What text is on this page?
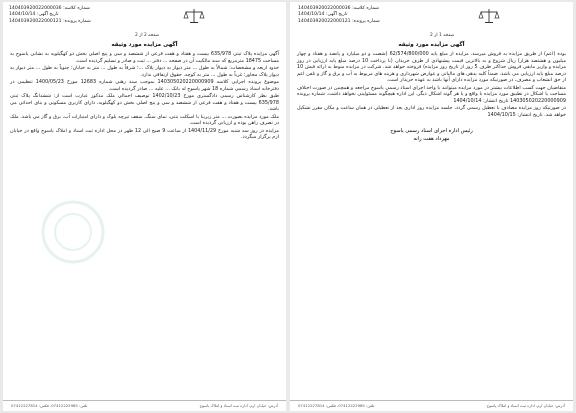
شماره کلاسه: 140403920022000036
تاریخ آگهی: 1404/10/14
شماره پرونده: 140403920022000121
صفحه 2 از 2
آگهی مزایده مورد وثیقه

آگهی مزایده پلاک ثبتی 635/978 بیست و هفتاد و هفت فرعی از ششصد و سی و پنج اصلی بخش دو کهگیلویه به نشانی یاسوج به مساحت 18475 مترمربع که سند مالکیت آن در صفحه ... دفتر ... ثبت و صادر و تسلیم گردیده است.

حدود اربعه و مشخصات: شمالاً به طول ... متر دیوار به دیوار پلاک ...؛ شرقاً به طول ... متر به خیابان؛ جنوباً به طول ... متر دیوار به دیوار پلاک مجاور؛ غرباً به طول ... متر به کوچه. حقوق ارتفاقی ندارد.

موضوع پرونده اجرایی کلاسه 140305020220000909 بموجب سند رهنی شماره 12683 مورخ 1400/05/23 تنظیمی در دفترخانه اسناد رسمی شماره 18 شهر یاسوج له بانک ... علیه ... صادر گردیده است.

طبق نظر کارشناس رسمی دادگستری مورخ 1402/10/23 توصیف اجمالی ملک مذکور عبارت است از: ششدانگ پلاک ثبتی 635/978 بیست و هفتاد و هفت فرعی از ششصد و سی و پنج اصلی بخش دو کهگیلویه، دارای کاربری مسکونی و بنای احداثی می باشد.

ملک مورد مزایده بصورت ... متر زیربنا با اسکلت بتنی، نمای سنگ، سقف تیرچه بلوک و دارای امتیازات آب، برق و گاز می باشد. ملک در تصرف راهن بوده و ارزیابی گردیده است.

مزایده در روز سه شنبه مورخ 1404/11/29 از ساعت 9 صبح الی 12 ظهر در محل اداره ثبت اسناد و املاک یاسوج واقع در خیابان ارم برگزار میگردد.

آدرس: خیابان ارم، اداره ثبت اسناد و املاک یاسوج
تلفن: 07412222965، فکس: 07412227814
شماره کلاسه: 140403920022000036
تاریخ آگهی: 1404/10/14
شماره پرونده: 140403920022000121
صفحه 1 از 2
آگهی مزایده مورد وثیقه

بوده (اعم) از طریق مزایده به فروش میرسد. مزایده از مبلغ پایه 62/574/800/000 (شصت و دو میلیارد و پانصد و هفتاد و چهار میلیون و هشتصد هزار) ریال شروع و به بالاترین قیمت پیشنهادی از طرف خریدار، (با پرداخت 10 درصد مبلغ پایه ارزیابی در روز مزایده و واریز مابقی فروش حداکثر ظرف 5 روز از تاریخ روز مزایده) فروخته خواهد شد. شرکت در مزایده منوط به ارائه فیش 10 درصد مبلغ پایه ارزیابی می باشد. ضمناً کلیه بدهی های مالیاتی و عوارض شهرداری و هزینه های مربوط به آب و برق و گاز و تلفن اعم از حق انشعاب و مصرف، در صورتیکه مورد مزایده دارای آنها باشد به عهده خریدار است.

متقاضیان جهت کسب اطلاعات بیشتر در مورد مزایده میتوانند با واحد اجرای اسناد رسمی یاسوج مراجعه و همچنین در صورت اختلاف مساحت یا اشکال در تطبیق مورد مزایده با واقع و یا هر گونه اشکال دیگر، این اداره هیچگونه مسئولیتی نخواهد داشت. شماره پرونده 140305020220000909 تاریخ انتشار: 1404/10/14

در صورتیکه روز مزایده مصادف با تعطیل رسمی گردد، جلسه مزایده روز اداری بعد از تعطیلی در همان ساعت و مکان مقرر تشکیل خواهد شد. تاریخ انتشار: 1404/10/15

رئیس اداره اجرای اسناد رسمی یاسوج
مهرداد هفت رانه
آدرس: خیابان ارم، اداره ثبت اسناد و املاک یاسوج
تلفن: 07412222965، فکس: 07412227814
